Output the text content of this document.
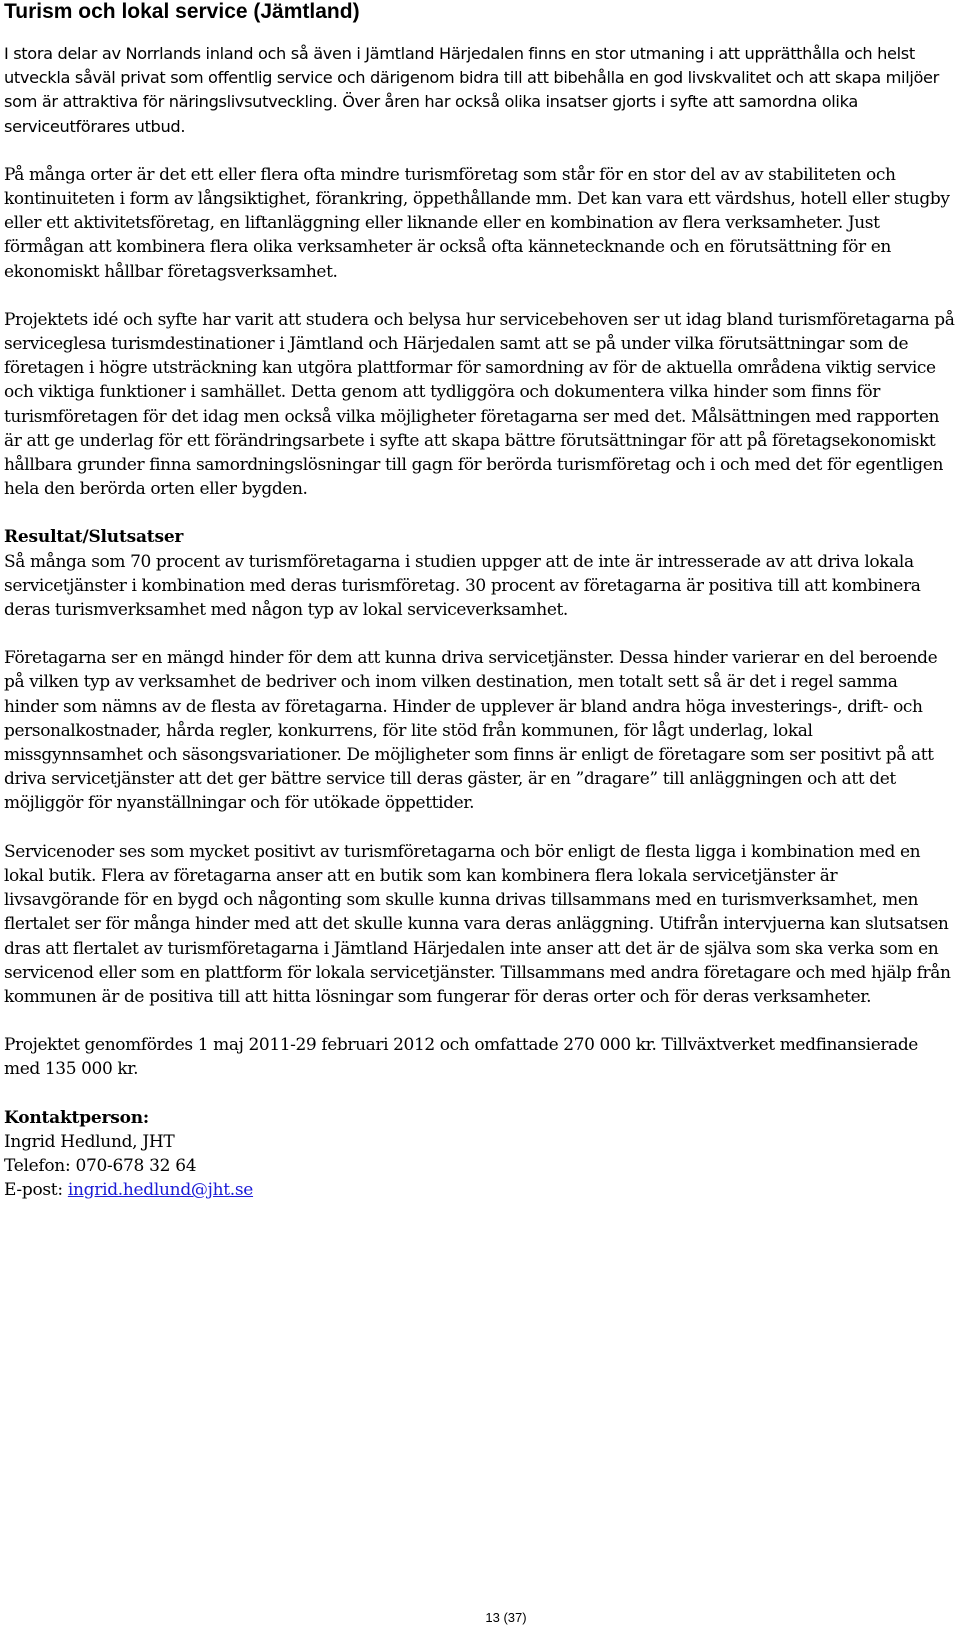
Turism och lokal service (Jämtland)

I stora delar av Norrlands inland och så även i Jämtland Härjedalen finns en stor utmaning i att upprätthålla och helst utveckla såväl privat som offentlig service och därigenom bidra till att bibehålla en god livskvalitet och att skapa miljöer som är attraktiva för näringslivsutveckling. Över åren har också olika insatser gjorts i syfte att samordna olika serviceutförares utbud.

På många orter är det ett eller flera ofta mindre turismföretag som står för en stor del av av stabiliteten och kontinuiteten i form av långsiktighet, förankring, öppethållande mm. Det kan vara ett värdshus, hotell eller stugby eller ett aktivitetsföretag, en liftanläggning eller liknande eller en kombination av flera verksamheter. Just förmågan att kombinera flera olika verksamheter är också ofta kännetecknande och en förutsättning för en ekonomiskt hållbar företagsverksamhet.

Projektets idé och syfte har varit att studera och belysa hur servicebehoven ser ut idag bland turismföretagarna på serviceglesa turismdestinationer i Jämtland och Härjedalen samt att se på under vilka förutsättningar som de företagen i högre utsträckning kan utgöra plattformar för samordning av för de aktuella områdena viktig service och viktiga funktioner i samhället. Detta genom att tydliggöra och dokumentera vilka hinder som finns för turismföretagen för det idag men också vilka möjligheter företagarna ser med det. Målsättningen med rapporten är att ge underlag för ett förändringsarbete i syfte att skapa bättre förutsättningar för att på företagsekonomiskt hållbara grunder finna samordningslösningar till gagn för berörda turismföretag och i och med det för egentligen hela den berörda orten eller bygden.

Resultat/Slutsatser

Så många som 70 procent av turismföretagarna i studien uppger att de inte är intresserade av att driva lokala servicetjänster i kombination med deras turismföretag. 30 procent av företagarna är positiva till att kombinera deras turismverksamhet med någon typ av lokal serviceverksamhet.

Företagarna ser en mängd hinder för dem att kunna driva servicetjänster. Dessa hinder varierar en del beroende på vilken typ av verksamhet de bedriver och inom vilken destination, men totalt sett så är det i regel samma hinder som nämns av de flesta av företagarna. Hinder de upplever är bland andra höga investerings-, drift- och personalkostnader, hårda regler, konkurrens, för lite stöd från kommunen, för lågt underlag, lokal missgynnsamhet och säsongsvariationer. De möjligheter som finns är enligt de företagare som ser positivt på att driva servicetjänster att det ger bättre service till deras gäster, är en ”dragare” till anläggningen och att det möjliggör för nyanställningar och för utökade öppettider.

Servicenoder ses som mycket positivt av turismföretagarna och bör enligt de flesta ligga i kombination med en lokal butik. Flera av företagarna anser att en butik som kan kombinera flera lokala servicetjänster är livsavgörande för en bygd och någonting som skulle kunna drivas tillsammans med en turismverksamhet, men flertalet ser för många hinder med att det skulle kunna vara deras anläggning. Utifrån intervjuerna kan slutsatsen dras att flertalet av turismföretagarna i Jämtland Härjedalen inte anser att det är de själva som ska verka som en servicenod eller som en plattform för lokala servicetjänster. Tillsammans med andra företagare och med hjälp från kommunen är de positiva till att hitta lösningar som fungerar för deras orter och för deras verksamheter.

Projektet genomfördes 1 maj 2011-29 februari 2012 och omfattade 270 000 kr. Tillväxtverket medfinansierade med 135 000 kr.

Kontaktperson:

Ingrid Hedlund, JHT

Telefon: 070-678 32 64

E-post: ingrid.hedlund@jht.se

13 (37)
